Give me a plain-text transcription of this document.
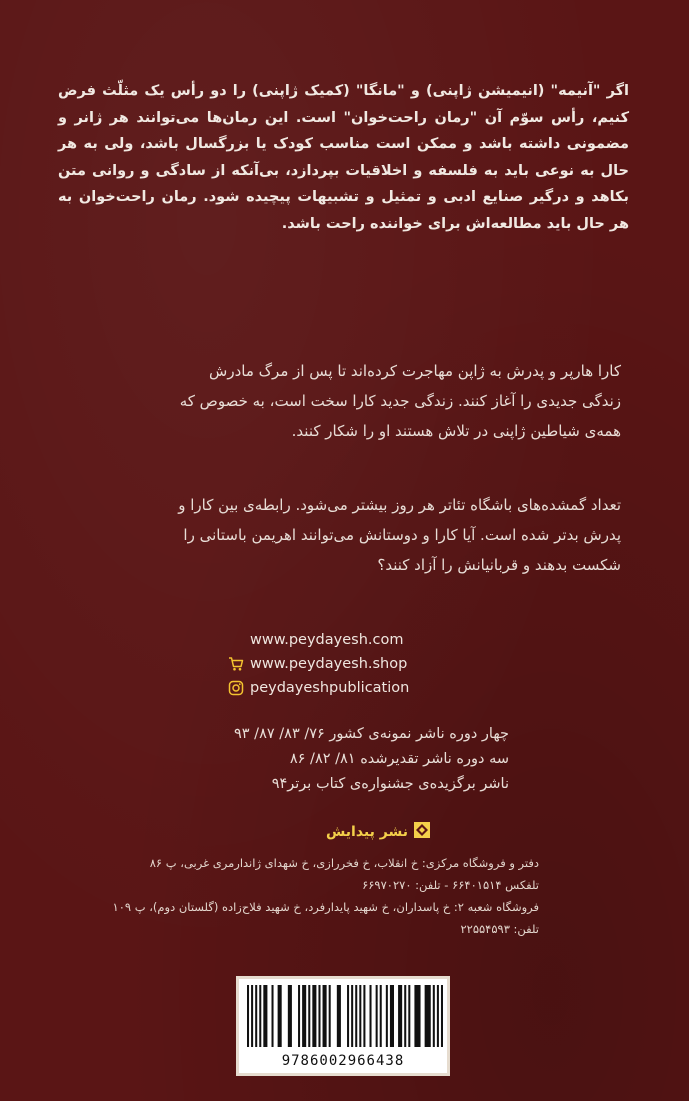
اگر "آنیمه" (انیمیشن ژاپنی) و "مانگا" (کمیک ژاپنی) را دو رأس یک مثلّث فرض کنیم، رأس سوّم آن "رمان راحت‌خوان" است. این رمان‌ها می‌توانند هر ژانر و مضمونی داشته باشد و ممکن است مناسب کودک یا بزرگسال باشد، ولی به هر حال به نوعی باید به فلسفه و اخلاقیات بپردازد، بی‌آنکه از سادگی و روانی متن بکاهد و درگیر صنایع ادبی و تمثیل و تشبیهات پیچیده شود. رمان راحت‌خوان به هر حال باید مطالعه‌اش برای خواننده راحت باشد.

کارا هارپر و پدرش به ژاپن مهاجرت کرده‌اند تا پس از مرگ مادرش زندگی جدیدی را آغاز کنند. زندگی جدید کارا سخت است، به خصوص که همه‌ی شیاطین ژاپنی در تلاش هستند او را شکار کنند.

تعداد گمشده‌های باشگاه تئاتر هر روز بیشتر می‌شود. رابطه‌ی بین کارا و پدرش بدتر شده است. آیا کارا و دوستانش می‌توانند اهریمن باستانی را شکست بدهند و قربانیانش را آزاد کنند؟

www.peydayesh.com
www.peydayesh.shop
peydayeshpublication
چهار دوره ناشر نمونه‌ی کشور ۷۶/ ۸۳/ ۸۷/ ۹۳
سه دوره ناشر تقدیرشده ۸۱/ ۸۲/ ۸۶
ناشر برگزیده‌ی جشنواره‌ی کتاب برتر۹۴
نشر پیدایش
دفتر و فروشگاه مرکزی: خ انقلاب، خ فخررازی، خ شهدای ژاندارمری غربی، پ ۸۶
تلفکس ۶۶۴۰۱۵۱۴ - تلفن: ۶۶۹۷۰۲۷۰
فروشگاه شعبه ۲: خ پاسداران، خ شهید پایدارفرد، خ شهید فلاح‌زاده (گلستان دوم)، پ ۱۰۹
تلفن: ۲۲۵۵۴۵۹۳
9786002966438
